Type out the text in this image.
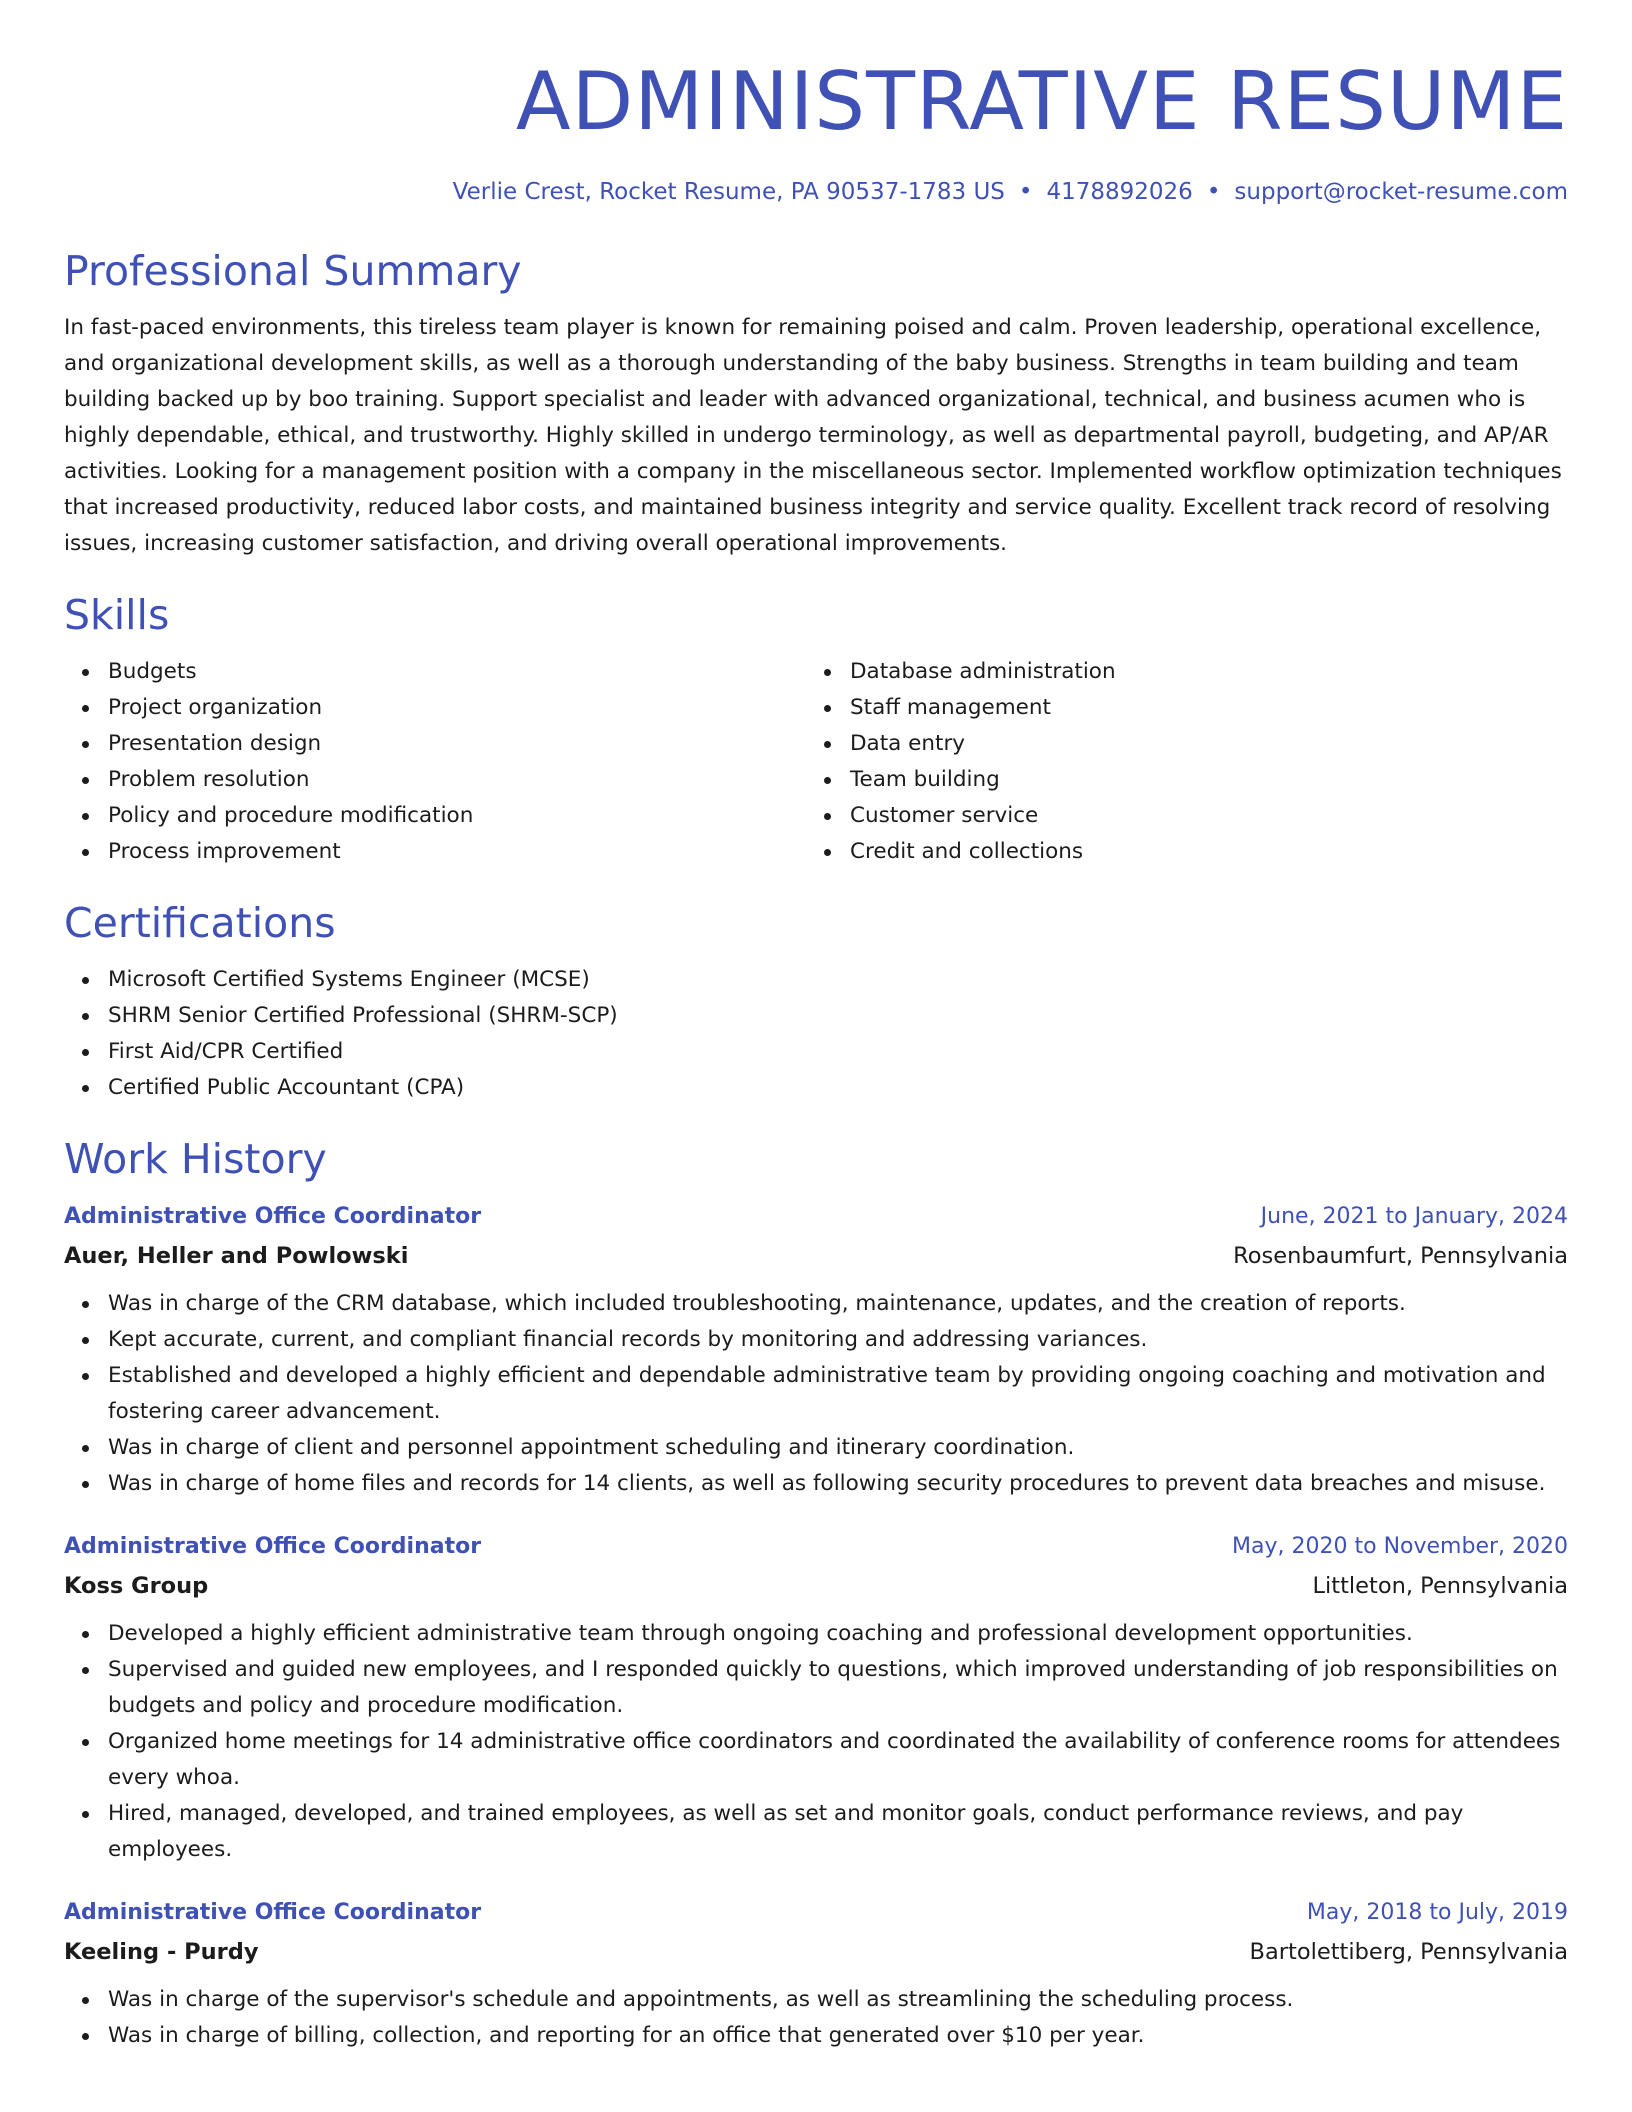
ADMINISTRATIVE RESUME
Verlie Crest, Rocket Resume, PA 90537-1783 US • 4178892026 • support@rocket-resume.com
Professional Summary

In fast-paced environments, this tireless team player is known for remaining poised and calm. Proven leadership, operational excellence, and organizational development skills, as well as a thorough understanding of the baby business. Strengths in team building and team building backed up by boo training. Support specialist and leader with advanced organizational, technical, and business acumen who is highly dependable, ethical, and trustworthy. Highly skilled in undergo terminology, as well as departmental payroll, budgeting, and AP/AR activities. Looking for a management position with a company in the miscellaneous sector. Implemented workflow optimization techniques that increased productivity, reduced labor costs, and maintained business integrity and service quality. Excellent track record of resolving issues, increasing customer satisfaction, and driving overall operational improvements.

Skills
Budgets
Project organization
Presentation design
Problem resolution
Policy and procedure modification
Process improvement
Database administration
Staff management
Data entry
Team building
Customer service
Credit and collections
Certifications
Microsoft Certified Systems Engineer (MCSE)
SHRM Senior Certified Professional (SHRM-SCP)
First Aid/CPR Certified
Certified Public Accountant (CPA)
Work History
Administrative Office Coordinator	June, 2021 to January, 2024
Auer, Heller and Powlowski	Rosenbaumfurt, Pennsylvania
Was in charge of the CRM database, which included troubleshooting, maintenance, updates, and the creation of reports.
Kept accurate, current, and compliant financial records by monitoring and addressing variances.
Established and developed a highly efficient and dependable administrative team by providing ongoing coaching and motivation and fostering career advancement.
Was in charge of client and personnel appointment scheduling and itinerary coordination.
Was in charge of home files and records for 14 clients, as well as following security procedures to prevent data breaches and misuse.
Administrative Office Coordinator	May, 2020 to November, 2020
Koss Group	Littleton, Pennsylvania
Developed a highly efficient administrative team through ongoing coaching and professional development opportunities.
Supervised and guided new employees, and I responded quickly to questions, which improved understanding of job responsibilities on budgets and policy and procedure modification.
Organized home meetings for 14 administrative office coordinators and coordinated the availability of conference rooms for attendees every whoa.
Hired, managed, developed, and trained employees, as well as set and monitor goals, conduct performance reviews, and pay employees.
Administrative Office Coordinator	May, 2018 to July, 2019
Keeling - Purdy	Bartolettiberg, Pennsylvania
Was in charge of the supervisor's schedule and appointments, as well as streamlining the scheduling process.
Was in charge of billing, collection, and reporting for an office that generated over $10 per year.
